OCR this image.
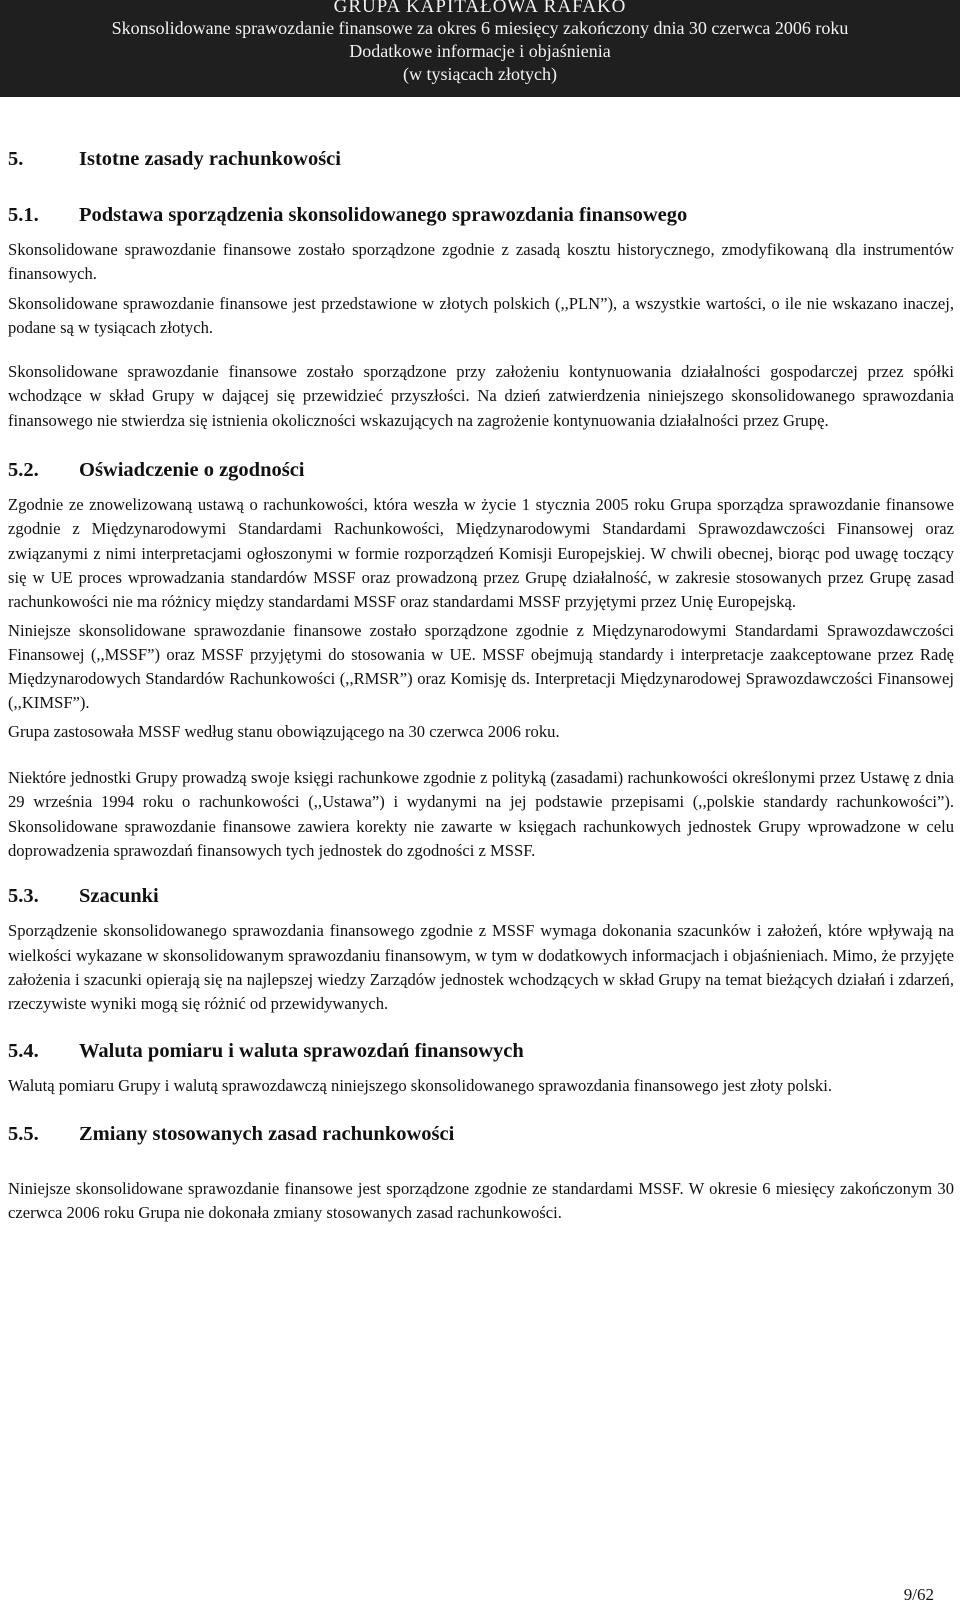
GRUPA KAPITAŁOWA RAFAKO
Skonsolidowane sprawozdanie finansowe za okres 6 miesięcy zakończony dnia 30 czerwca 2006 roku
Dodatkowe informacje i objaśnienia
(w tysiącach złotych)
5.	Istotne zasady rachunkowości
5.1.	Podstawa sporządzenia skonsolidowanego sprawozdania finansowego

Skonsolidowane sprawozdanie finansowe zostało sporządzone zgodnie z zasadą kosztu historycznego, zmodyfikowaną dla instrumentów finansowych.

Skonsolidowane sprawozdanie finansowe jest przedstawione w złotych polskich (,,PLN”), a wszystkie wartości, o ile nie wskazano inaczej, podane są w tysiącach złotych.

Skonsolidowane sprawozdanie finansowe zostało sporządzone przy założeniu kontynuowania działalności gospodarczej przez spółki wchodzące w skład Grupy w dającej się przewidzieć przyszłości. Na dzień zatwierdzenia niniejszego skonsolidowanego sprawozdania finansowego nie stwierdza się istnienia okoliczności wskazujących na zagrożenie kontynuowania działalności przez Grupę.

5.2.	Oświadczenie o zgodności

Zgodnie ze znowelizowaną ustawą o rachunkowości, która weszła w życie 1 stycznia 2005 roku Grupa sporządza sprawozdanie finansowe zgodnie z Międzynarodowymi Standardami Rachunkowości, Międzynarodowymi Standardami Sprawozdawczości Finansowej oraz związanymi z nimi interpretacjami ogłoszonymi w formie rozporządzeń Komisji Europejskiej. W chwili obecnej, biorąc pod uwagę toczący się w UE proces wprowadzania standardów MSSF oraz prowadzoną przez Grupę działalność, w zakresie stosowanych przez Grupę zasad rachunkowości nie ma różnicy między standardami MSSF oraz standardami MSSF przyjętymi przez Unię Europejską.

Niniejsze skonsolidowane sprawozdanie finansowe zostało sporządzone zgodnie z Międzynarodowymi Standardami Sprawozdawczości Finansowej (,,MSSF”) oraz MSSF przyjętymi do stosowania w UE. MSSF obejmują standardy i interpretacje zaakceptowane przez Radę Międzynarodowych Standardów Rachunkowości (,,RMSR”) oraz Komisję ds. Interpretacji Międzynarodowej Sprawozdawczości Finansowej (,,KIMSF”).

Grupa zastosowała MSSF według stanu obowiązującego na 30 czerwca 2006 roku.

Niektóre jednostki Grupy prowadzą swoje księgi rachunkowe zgodnie z polityką (zasadami) rachunkowości określonymi przez Ustawę z dnia 29 września 1994 roku o rachunkowości (,,Ustawa”) i wydanymi na jej podstawie przepisami (,,polskie standardy rachunkowości”). Skonsolidowane sprawozdanie finansowe zawiera korekty nie zawarte w księgach rachunkowych jednostek Grupy wprowadzone w celu doprowadzenia sprawozdań finansowych tych jednostek do zgodności z MSSF.

5.3.	Szacunki

Sporządzenie skonsolidowanego sprawozdania finansowego zgodnie z MSSF wymaga dokonania szacunków i założeń, które wpływają na wielkości wykazane w skonsolidowanym sprawozdaniu finansowym, w tym w dodatkowych informacjach i objaśnieniach. Mimo, że przyjęte założenia i szacunki opierają się na najlepszej wiedzy Zarządów jednostek wchodzących w skład Grupy na temat bieżących działań i zdarzeń, rzeczywiste wyniki mogą się różnić od przewidywanych.

5.4.	Waluta pomiaru i waluta sprawozdań finansowych

Walutą pomiaru Grupy i walutą sprawozdawczą niniejszego skonsolidowanego sprawozdania finansowego jest złoty polski.

5.5.	Zmiany stosowanych zasad rachunkowości

Niniejsze skonsolidowane sprawozdanie finansowe jest sporządzone zgodnie ze standardami MSSF. W okresie 6 miesięcy zakończonym 30 czerwca 2006 roku Grupa nie dokonała zmiany stosowanych zasad rachunkowości.

9/62
